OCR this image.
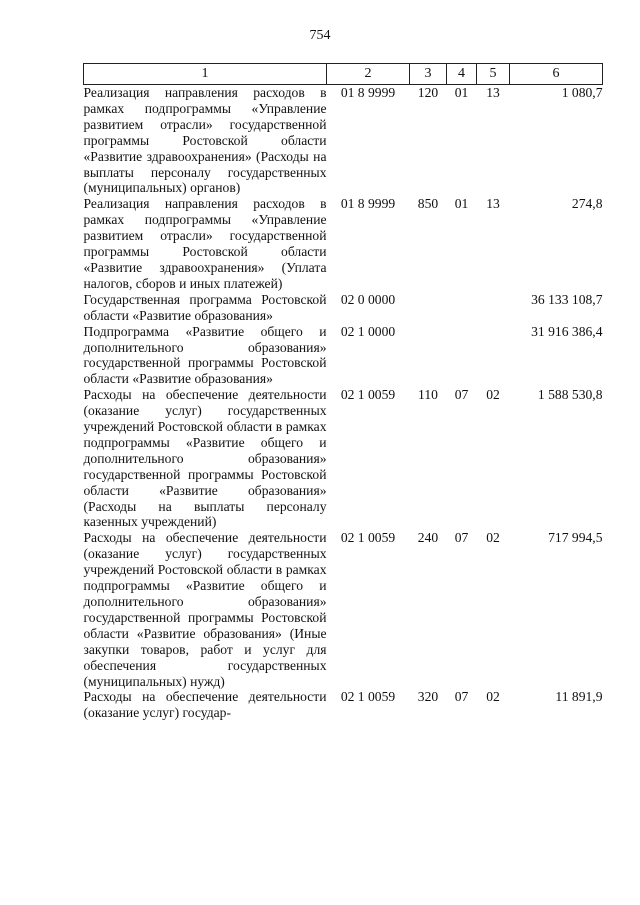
754
1	2	3	4	5	6
Реализация направления расходов в рамках подпрограммы «Управление развитием отрасли» государственной программы Ростовской области «Развитие здравоохранения» (Расходы на выплаты персоналу государственных (муниципальных) органов)	01 8 9999	120	01	13	1 080,7
Реализация направления расходов в рамках подпрограммы «Управление развитием отрасли» государственной программы Ростовской области «Развитие здравоохранения» (Уплата налогов, сборов и иных платежей)	01 8 9999	850	01	13	274,8
Государственная программа Ростовской области «Развитие образования»	02 0 0000				36 133 108,7
Подпрограмма «Развитие общего и дополнительного образования» государственной программы Ростовской области «Развитие образования»	02 1 0000				31 916 386,4
Расходы на обеспечение деятельности (оказание услуг) государственных учреждений Ростовской области в рамках подпрограммы «Развитие общего и дополнительного образования» государственной программы Ростовской области «Развитие образования» (Расходы на выплаты персоналу казенных учреждений)	02 1 0059	110	07	02	1 588 530,8
Расходы на обеспечение деятельности (оказание услуг) государственных учреждений Ростовской области в рамках подпрограммы «Развитие общего и дополнительного образования» государственной программы Ростовской области «Развитие образования» (Иные закупки товаров, работ и услуг для обеспечения государственных (муниципальных) нужд)	02 1 0059	240	07	02	717 994,5
Расходы на обеспечение деятельности (оказание услуг) государ-	02 1 0059	320	07	02	11 891,9
